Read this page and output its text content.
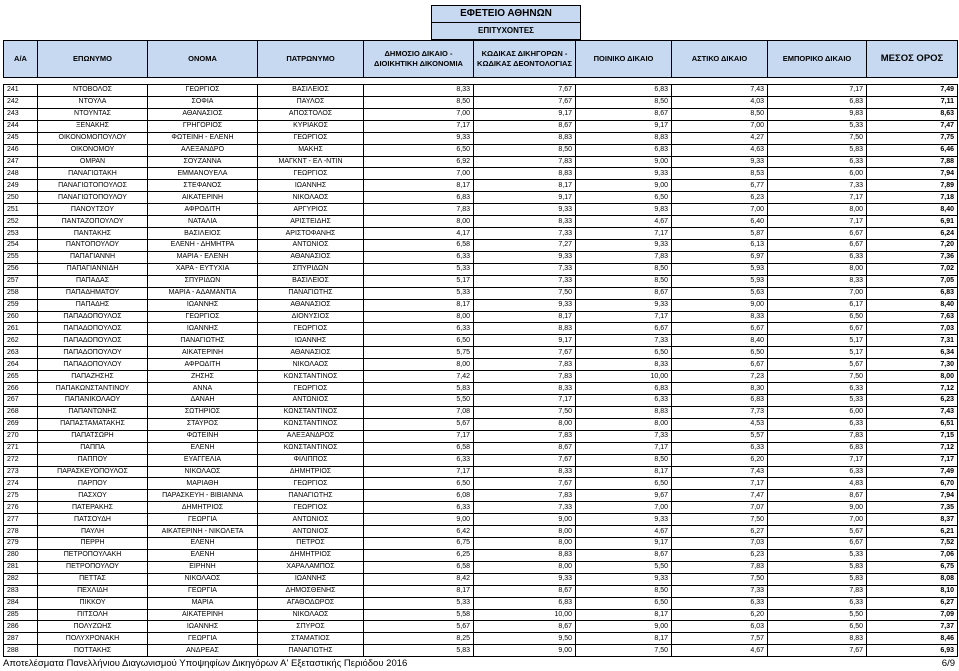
ΕΦΕΤΕΙΟ ΑΘΗΝΩΝ
ΕΠΙΤΥΧΟΝΤΕΣ
Α/Α	ΕΠΩΝΥΜΟ	ΟΝΟΜΑ	ΠΑΤΡΩΝΥΜΟ	ΔΗΜΟΣΙΟ ΔΙΚΑΙΟ - ΔΙΟΙΚΗΤΙΚΗ ΔΙΚΟΝΟΜΙΑ	ΚΩΔΙΚΑΣ ΔΙΚΗΓΟΡΩΝ - ΚΩΔΙΚΑΣ ΔΕΟΝΤΟΛΟΓΙΑΣ	ΠΟΙΝΙΚΟ ΔΙΚΑΙΟ	ΑΣΤΙΚΟ ΔΙΚΑΙΟ	ΕΜΠΟΡΙΚΟ ΔΙΚΑΙΟ	ΜΕΣΟΣ ΟΡΟΣ

241	ΝΤΟΒΟΛΟΣ	ΓΕΩΡΓΙΟΣ	ΒΑΣΙΛΕΙΟΣ	8,33	7,67	6,83	7,43	7,17	7,49
242	ΝΤΟΥΛΑ	ΣΟΦΙΑ	ΠΑΥΛΟΣ	8,50	7,67	8,50	4,03	6,83	7,11
243	ΝΤΟΥΝΤΑΣ	ΑΘΑΝΑΣΙΟΣ	ΑΠΟΣΤΟΛΟΣ	7,00	9,17	8,67	8,50	9,83	8,63
244	ΞΕΝΑΚΗΣ	ΓΡΗΓΟΡΙΟΣ	ΚΥΡΙΑΚΟΣ	7,17	8,67	9,17	7,00	5,33	7,47
245	ΟΙΚΟΝΟΜΟΠΟΥΛΟΥ	ΦΩΤΕΙΝΗ - ΕΛΕΝΗ	ΓΕΩΡΓΙΟΣ	9,33	8,83	8,83	4,27	7,50	7,75
246	ΟΙΚΟΝΟΜΟΥ	ΑΛΕΞΑΝΔΡΟ	ΜΑΚΗΣ	6,50	8,50	6,83	4,63	5,83	6,46
247	ΟΜΡΑΝ	ΣΟΥΖΑΝΝΑ	ΜΑΓΚΝΤ - ΕΛ -ΝΤΙΝ	6,92	7,83	9,00	9,33	6,33	7,88
248	ΠΑΝΑΓΙΩΤΑΚΗ	ΕΜΜΑΝΟΥΕΛΑ	ΓΕΩΡΓΙΟΣ	7,00	8,83	9,33	8,53	6,00	7,94
249	ΠΑΝΑΓΙΩΤΟΠΟΥΛΟΣ	ΣΤΕΦΑΝΟΣ	ΙΩΑΝΝΗΣ	8,17	8,17	9,00	6,77	7,33	7,89
250	ΠΑΝΑΓΙΩΤΟΠΟΥΛΟΥ	ΑΙΚΑΤΕΡΙΝΗ	ΝΙΚΟΛΑΟΣ	6,83	9,17	6,50	6,23	7,17	7,18
251	ΠΑΝΟΥΤΣΟΥ	ΑΦΡΟΔΙΤΗ	ΑΡΓΥΡΙΟΣ	7,83	9,33	9,83	7,00	8,00	8,40
252	ΠΑΝΤΑΖΟΠΟΥΛΟΥ	ΝΑΤΑΛΙΑ	ΑΡΙΣΤΕΙΔΗΣ	8,00	8,33	4,67	6,40	7,17	6,91
253	ΠΑΝΤΑΚΗΣ	ΒΑΣΙΛΕΙΟΣ	ΑΡΙΣΤΟΦΑΝΗΣ	4,17	7,33	7,17	5,87	6,67	6,24
254	ΠΑΝΤΟΠΟΥΛΟΥ	ΕΛΕΝΗ - ΔΗΜΗΤΡΑ	ΑΝΤΩΝΙΟΣ	6,58	7,27	9,33	6,13	6,67	7,20
255	ΠΑΠΑΓΙΑΝΝΗ	ΜΑΡΙΑ - ΕΛΕΝΗ	ΑΘΑΝΑΣΙΟΣ	6,33	9,33	7,83	6,97	6,33	7,36
256	ΠΑΠΑΓΙΑΝΝΙΔΗ	ΧΑΡΑ - ΕΥΤΥΧΙΑ	ΣΠΥΡΙΔΩΝ	5,33	7,33	8,50	5,93	8,00	7,02
257	ΠΑΠΑΔΑΣ	ΣΠΥΡΙΔΩΝ	ΒΑΣΙΛΕΙΟΣ	5,17	7,33	8,50	5,93	8,33	7,05
258	ΠΑΠΑΔΗΜΑΤΟΥ	ΜΑΡΙΑ - ΑΔΑΜΑΝΤΙΑ	ΠΑΝΑΓΙΩΤΗΣ	5,33	7,50	8,67	5,63	7,00	6,83
259	ΠΑΠΑΔΗΣ	ΙΩΑΝΝΗΣ	ΑΘΑΝΑΣΙΟΣ	8,17	9,33	9,33	9,00	6,17	8,40
260	ΠΑΠΑΔΟΠΟΥΛΟΣ	ΓΕΩΡΓΙΟΣ	ΔΙΟΝΥΣΙΟΣ	8,00	8,17	7,17	8,33	6,50	7,63
261	ΠΑΠΑΔΟΠΟΥΛΟΣ	ΙΩΑΝΝΗΣ	ΓΕΩΡΓΙΟΣ	6,33	8,83	6,67	6,67	6,67	7,03
262	ΠΑΠΑΔΟΠΟΥΛΟΣ	ΠΑΝΑΓΙΩΤΗΣ	ΙΩΑΝΝΗΣ	6,50	9,17	7,33	8,40	5,17	7,31
263	ΠΑΠΑΔΟΠΟΥΛΟΥ	ΑΙΚΑΤΕΡΙΝΗ	ΑΘΑΝΑΣΙΟΣ	5,75	7,67	6,50	6,50	5,17	6,34
264	ΠΑΠΑΔΟΠΟΥΛΟΥ	ΑΦΡΟΔΙΤΗ	ΝΙΚΟΛΑΟΣ	8,00	7,83	8,33	6,67	5,67	7,30
265	ΠΑΠΑΖΗΣΗΣ	ΖΗΣΗΣ	ΚΩΝΣΤΑΝΤΙΝΟΣ	7,42	7,83	10,00	7,23	7,50	8,00
266	ΠΑΠΑΚΩΝΣΤΑΝΤΙΝΟΥ	ΑΝΝΑ	ΓΕΩΡΓΙΟΣ	5,83	8,33	6,83	8,30	6,33	7,12
267	ΠΑΠΑΝΙΚΟΛΑΟΥ	ΔΑΝΑΗ	ΑΝΤΩΝΙΟΣ	5,50	7,17	6,33	6,83	5,33	6,23
268	ΠΑΠΑΝΤΩΝΗΣ	ΣΩΤΗΡΙΟΣ	ΚΩΝΣΤΑΝΤΙΝΟΣ	7,08	7,50	8,83	7,73	6,00	7,43
269	ΠΑΠΑΣΤΑΜΑΤΑΚΗΣ	ΣΤΑΥΡΟΣ	ΚΩΝΣΤΑΝΤΙΝΟΣ	5,67	8,00	8,00	4,53	6,33	6,51
270	ΠΑΠΑΤΣΩΡΗ	ΦΩΤΕΙΝΗ	ΑΛΕΞΑΝΔΡΟΣ	7,17	7,83	7,33	5,57	7,83	7,15
271	ΠΑΠΠΑ	ΕΛΕΝΗ	ΚΩΝΣΤΑΝΤΙΝΟΣ	6,58	8,67	7,17	6,33	6,83	7,12
272	ΠΑΠΠΟΥ	ΕΥΑΓΓΕΛΙΑ	ΦΙΛΙΠΠΟΣ	6,33	7,67	8,50	6,20	7,17	7,17
273	ΠΑΡΑΣΚΕΥΟΠΟΥΛΟΣ	ΝΙΚΟΛΑΟΣ	ΔΗΜΗΤΡΙΟΣ	7,17	8,33	8,17	7,43	6,33	7,49
274	ΠΑΡΠΟΥ	ΜΑΡΙΑΘΗ	ΓΕΩΡΓΙΟΣ	6,50	7,67	6,50	7,17	4,83	6,70
275	ΠΑΣΧΟΥ	ΠΑΡΑΣΚΕΥΗ - ΒΙΒΙΑΝΝΑ	ΠΑΝΑΓΙΩΤΗΣ	6,08	7,83	9,67	7,47	8,67	7,94
276	ΠΑΤΕΡΑΚΗΣ	ΔΗΜΗΤΡΙΟΣ	ΓΕΩΡΓΙΟΣ	6,33	7,33	7,00	7,07	9,00	7,35
277	ΠΑΤΣΟΥΔΗ	ΓΕΩΡΓΙΑ	ΑΝΤΩΝΙΟΣ	9,00	9,00	9,33	7,50	7,00	8,37
278	ΠΑΥΛΗ	ΑΙΚΑΤΕΡΙΝΗ - ΝΙΚΟΛΕΤΑ	ΑΝΤΩΝΙΟΣ	6,42	8,00	4,67	6,27	5,67	6,21
279	ΠΕΡΡΗ	ΕΛΕΝΗ	ΠΕΤΡΟΣ	6,75	8,00	9,17	7,03	6,67	7,52
280	ΠΕΤΡΟΠΟΥΛΑΚΗ	ΕΛΕΝΗ	ΔΗΜΗΤΡΙΟΣ	6,25	8,83	8,67	6,23	5,33	7,06
281	ΠΕΤΡΟΠΟΥΛΟΥ	ΕΙΡΗΝΗ	ΧΑΡΑΛΑΜΠΟΣ	6,58	8,00	5,50	7,83	5,83	6,75
282	ΠΕΤΤΑΣ	ΝΙΚΟΛΑΟΣ	ΙΩΑΝΝΗΣ	8,42	9,33	9,33	7,50	5,83	8,08
283	ΠΕΧΛΙΔΗ	ΓΕΩΡΓΙΑ	ΔΗΜΟΣΘΕΝΗΣ	8,17	8,67	8,50	7,33	7,83	8,10
284	ΠΙΚΚΟΥ	ΜΑΡΙΑ	ΑΓΑΘΟΔΩΡΟΣ	5,33	6,83	6,50	6,33	6,33	6,27
285	ΠΙΤΣΟΛΗ	ΑΙΚΑΤΕΡΙΝΗ	ΝΙΚΟΛΑΟΣ	5,58	10,00	8,17	6,20	5,50	7,09
286	ΠΟΛΥΖΩΗΣ	ΙΩΑΝΝΗΣ	ΣΠΥΡΟΣ	5,67	8,67	9,00	6,03	6,50	7,37
287	ΠΟΛΥΧΡΟΝΑΚΗ	ΓΕΩΡΓΙΑ	ΣΤΑΜΑΤΙΟΣ	8,25	9,50	8,17	7,57	8,83	8,46
288	ΠΟΤΤΑΚΗΣ	ΑΝΔΡΕΑΣ	ΠΑΝΑΓΙΩΤΗΣ	5,83	9,00	7,50	4,67	7,67	6,93
Αποτελέσματα Πανελλήνιου Διαγωνισμού Υποψηφίων Δικηγόρων Α' Εξεταστικής Περιόδου 2016	6/9
